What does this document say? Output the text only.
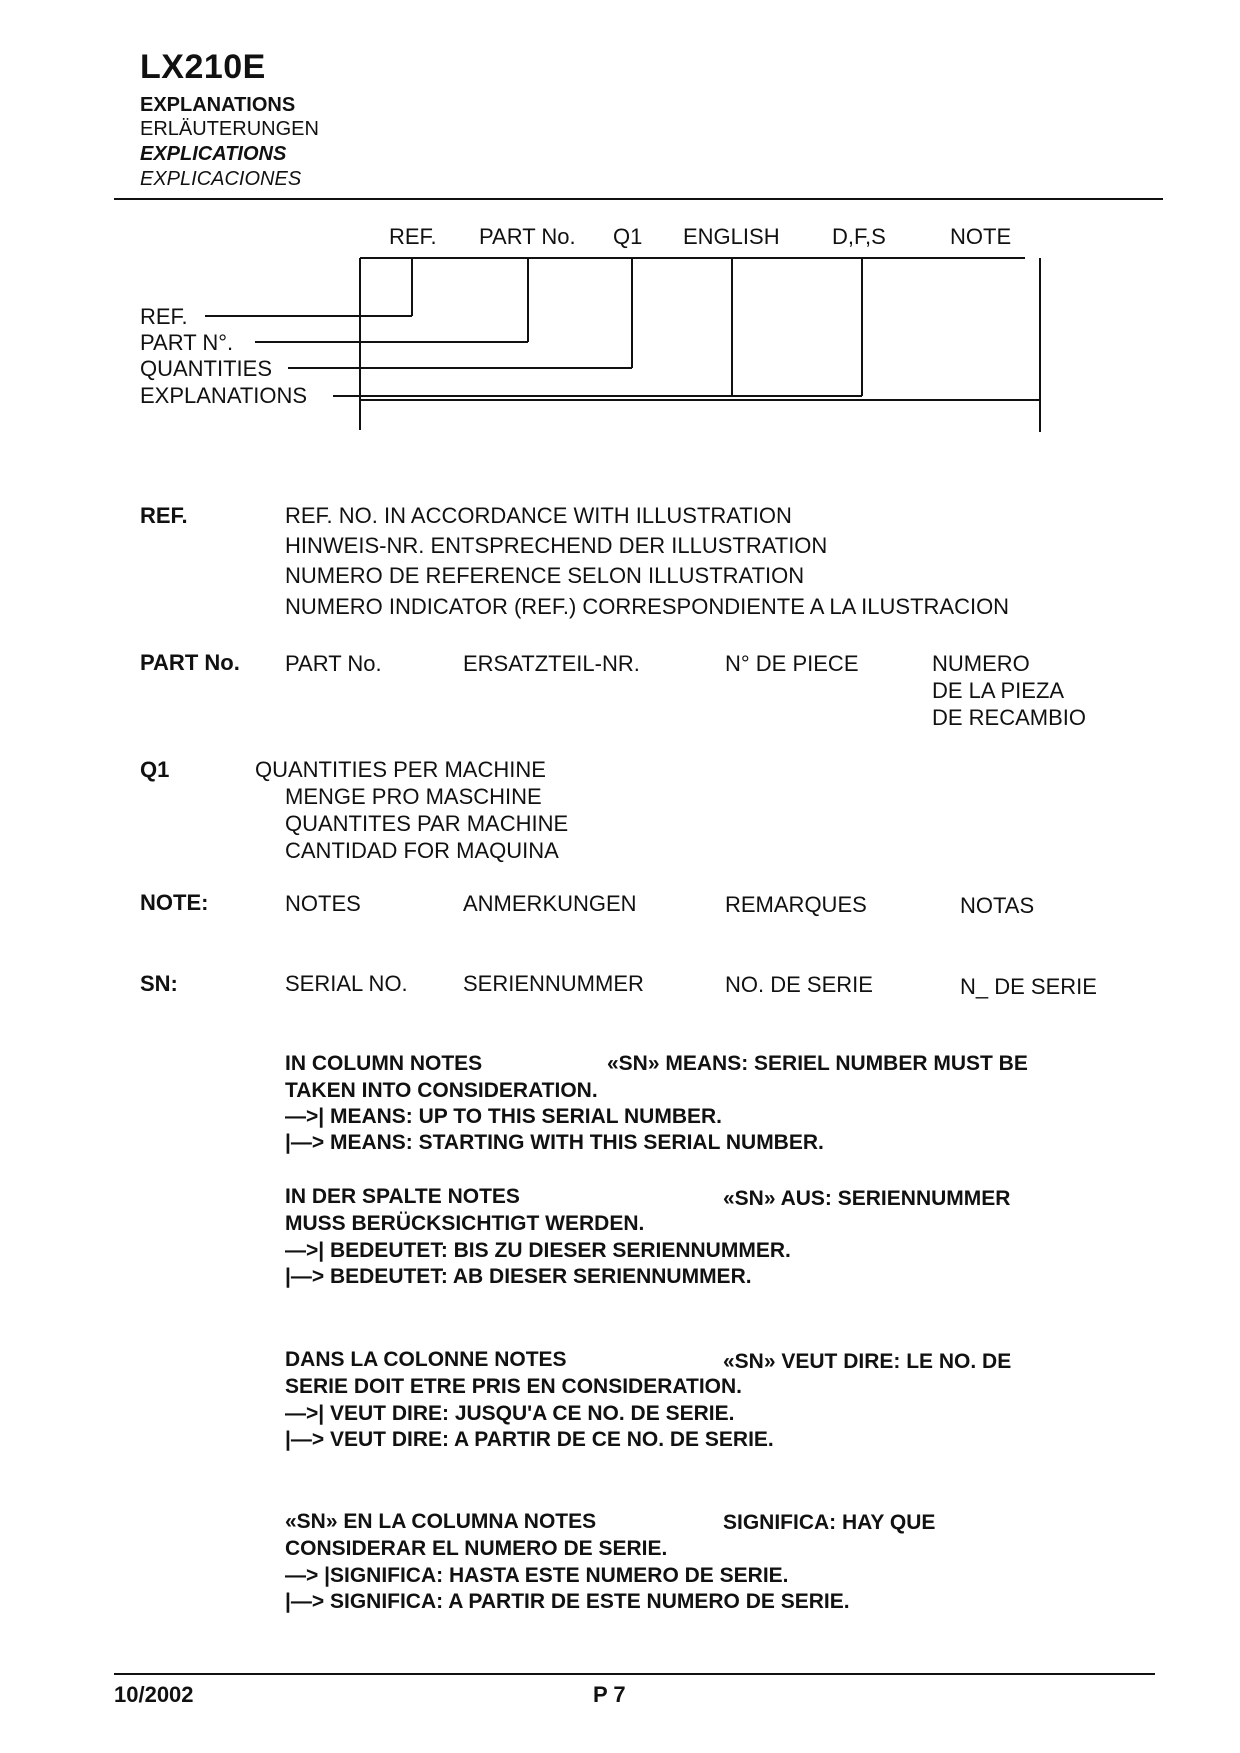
LX210E
EXPLANATIONS
ERLÄUTERUNGEN
EXPLICATIONS
EXPLICACIONES
REF. PART No. Q1 ENGLISH D,F,S	NOTE
REF.
PART N°.
QUANTITIES
EXPLANATIONS
REF.	REF. NO. IN ACCORDANCE WITH ILLUSTRATION
HINWEIS-NR. ENTSPRECHEND DER ILLUSTRATION
NUMERO DE REFERENCE SELON ILLUSTRATION
NUMERO INDICATOR (REF.) CORRESPONDIENTE A LA ILUSTRACION
PART No. PART No.	ERSATZTEIL-NR.	N° DE PIECE	NUMERO
DE LA PIEZA
DE RECAMBIO
Q1	QUANTITIES PER MACHINE
MENGE PRO MASCHINE
QUANTITES PAR MACHINE
CANTIDAD FOR MAQUINA
NOTE:	NOTES	ANMERKUNGEN	REMARQUES	NOTAS
SN:	SERIAL NO.	SERIENNUMMER	NO. DE SERIE	N_ DE SERIE
IN COLUMN NOTES	«SN» MEANS: SERIEL NUMBER MUST BE
TAKEN INTO CONSIDERATION.
—>| MEANS: UP TO THIS SERIAL NUMBER.
|—> MEANS: STARTING WITH THIS SERIAL NUMBER.
IN DER SPALTE NOTES	«SN» AUS: SERIENNUMMER
MUSS BERÜCKSICHTIGT WERDEN.
—>| BEDEUTET: BIS ZU DIESER SERIENNUMMER.
|—> BEDEUTET: AB DIESER SERIENNUMMER.
DANS LA COLONNE NOTES	«SN» VEUT DIRE: LE NO. DE
SERIE DOIT ETRE PRIS EN CONSIDERATION.
—>| VEUT DIRE: JUSQU'A CE NO. DE SERIE.
|—> VEUT DIRE: A PARTIR DE CE NO. DE SERIE.
«SN» EN LA COLUMNA NOTES	SIGNIFICA: HAY QUE
CONSIDERAR EL NUMERO DE SERIE.
—> |SIGNIFICA: HASTA ESTE NUMERO DE SERIE.
|—> SIGNIFICA: A PARTIR DE ESTE NUMERO DE SERIE.
10/2002	P 7
